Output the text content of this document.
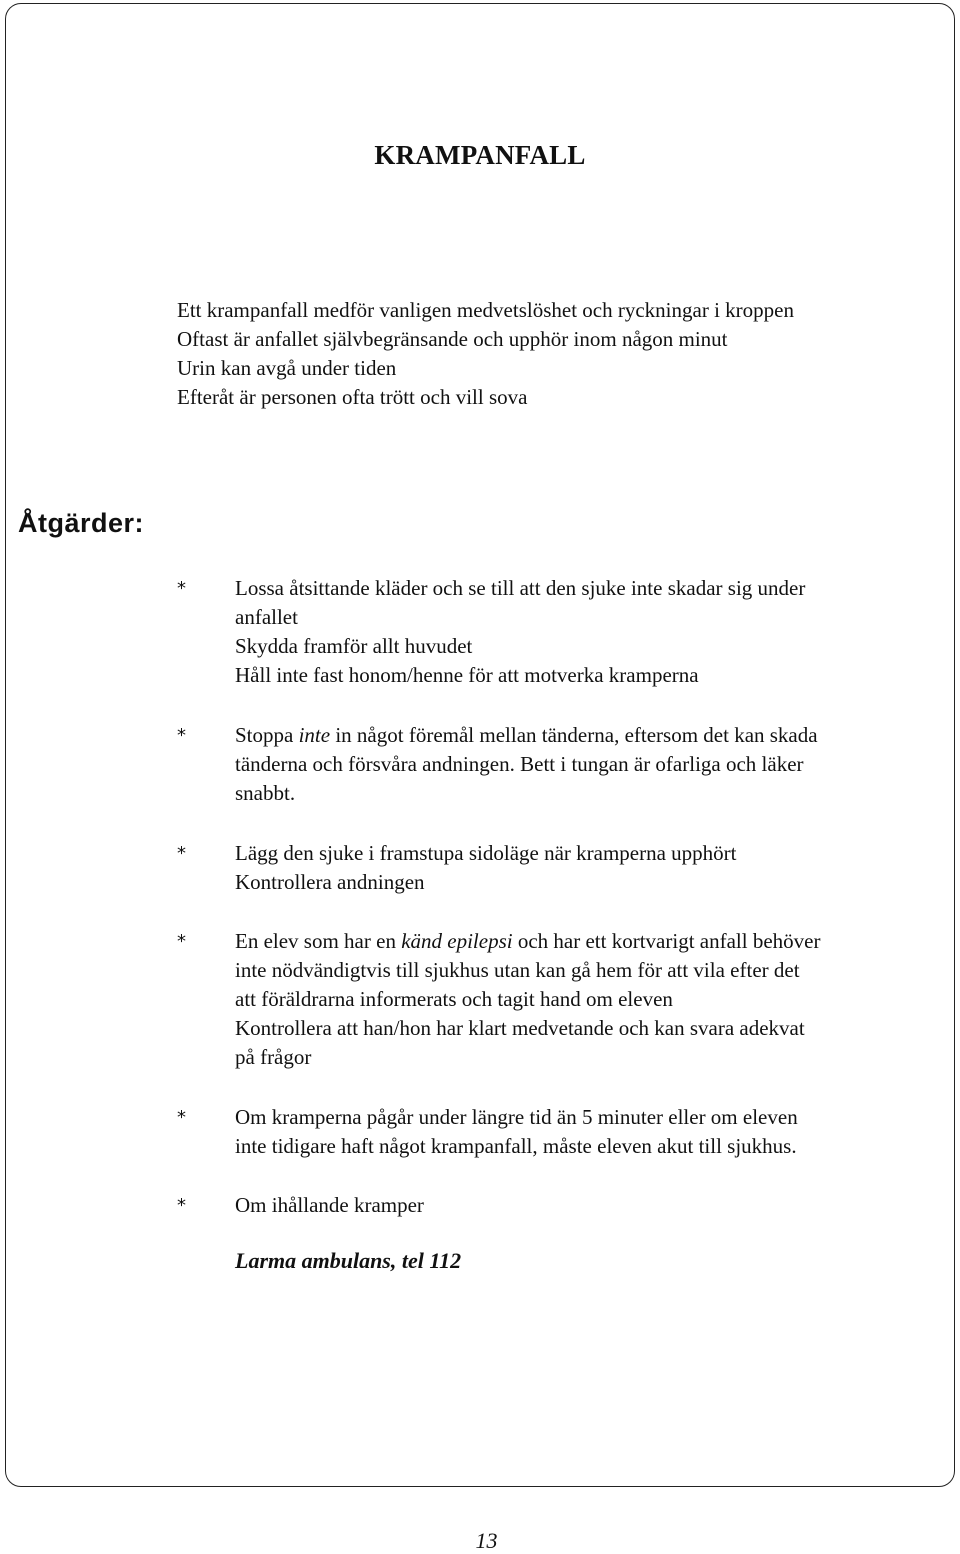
KRAMPANFALL
Ett krampanfall medför vanligen medvetslöshet och ryckningar i kroppen
Oftast är anfallet självbegränsande och upphör inom någon minut
Urin kan avgå under tiden
Efteråt är personen ofta trött och vill sova
Åtgärder:
* Lossa åtsittande kläder och se till att den sjuke inte skadar sig under
anfallet
Skydda framför allt huvudet
Håll inte fast honom/henne för att motverka kramperna
* Stoppa inte in något föremål mellan tänderna, eftersom det kan skada
tänderna och försvåra andningen. Bett i tungan är ofarliga och läker
snabbt.
* Lägg den sjuke i framstupa sidoläge när kramperna upphört
Kontrollera andningen
* En elev som har en känd epilepsi och har ett kortvarigt anfall behöver
inte nödvändigtvis till sjukhus utan kan gå hem för att vila efter det
att föräldrarna informerats och tagit hand om eleven
Kontrollera att han/hon har klart medvetande och kan svara adekvat
på frågor
* Om kramperna pågår under längre tid än 5 minuter eller om eleven
inte tidigare haft något krampanfall, måste eleven akut till sjukhus.
* Om ihållande kramper
Larma ambulans, tel 112
13
